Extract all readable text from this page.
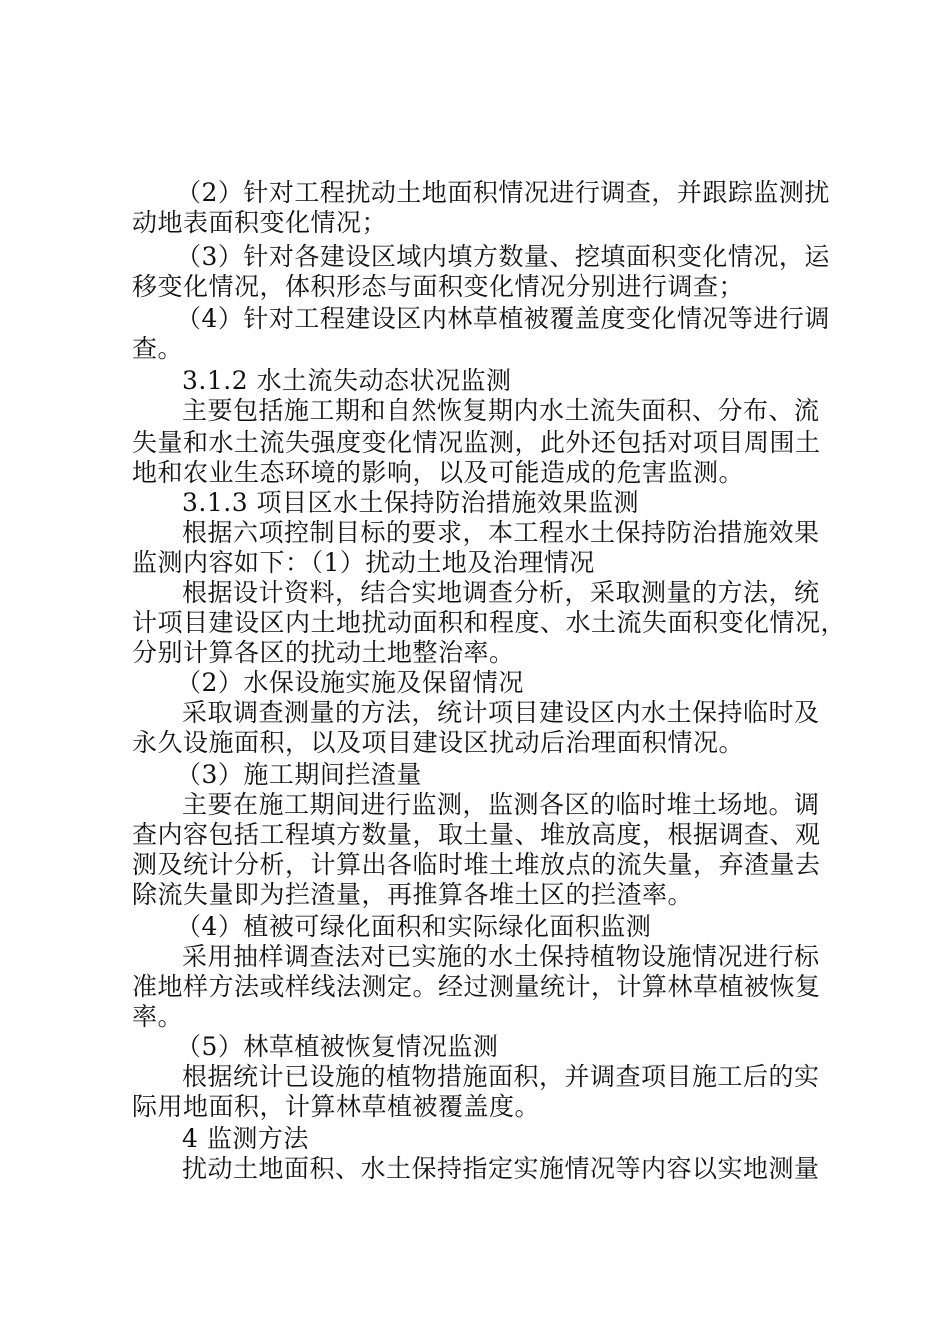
（2）针对工程扰动土地面积情况进行调查，并跟踪监测扰
动地表面积变化情况；
（3）针对各建设区域内填方数量、挖填面积变化情况，运
移变化情况，体积形态与面积变化情况分别进行调查；
（4）针对工程建设区内林草植被覆盖度变化情况等进行调
查。
3.1.2 水土流失动态状况监测
主要包括施工期和自然恢复期内水土流失面积、分布、流
失量和水土流失强度变化情况监测，此外还包括对项目周围土
地和农业生态环境的影响，以及可能造成的危害监测。
3.1.3 项目区水土保持防治措施效果监测
根据六项控制目标的要求，本工程水土保持防治措施效果
监测内容如下：（1）扰动土地及治理情况
根据设计资料，结合实地调查分析，采取测量的方法，统
计项目建设区内土地扰动面积和程度、水土流失面积变化情况，
分别计算各区的扰动土地整治率。
（2）水保设施实施及保留情况
采取调查测量的方法，统计项目建设区内水土保持临时及
永久设施面积，以及项目建设区扰动后治理面积情况。
（3）施工期间拦渣量
主要在施工期间进行监测，监测各区的临时堆土场地。调
查内容包括工程填方数量，取土量、堆放高度，根据调查、观
测及统计分析，计算出各临时堆土堆放点的流失量，弃渣量去
除流失量即为拦渣量，再推算各堆土区的拦渣率。
（4）植被可绿化面积和实际绿化面积监测
采用抽样调查法对已实施的水土保持植物设施情况进行标
准地样方法或样线法测定。经过测量统计，计算林草植被恢复
率。
（5）林草植被恢复情况监测
根据统计已设施的植物措施面积，并调查项目施工后的实
际用地面积，计算林草植被覆盖度。
4 监测方法
扰动土地面积、水土保持指定实施情况等内容以实地测量
